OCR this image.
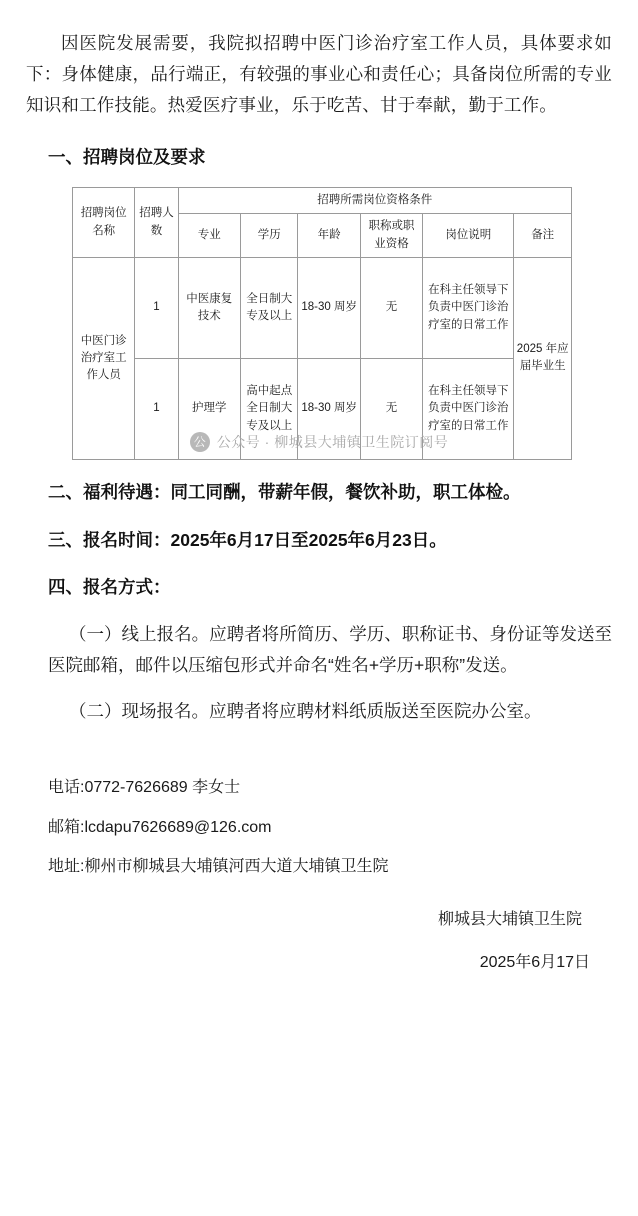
因医院发展需要，我院拟招聘中医门诊治疗室工作人员，具体要求如下：身体健康，品行端正，有较强的事业心和责任心；具备岗位所需的专业知识和工作技能。热爱医疗事业，乐于吃苦、甘于奉献，勤于工作。

一、招聘岗位及要求
招聘岗位名称	招聘人数	招聘所需岗位资格条件					
		专业	学历	年龄	职称或职业资格	岗位说明	备注
中医门诊治疗室工作人员	1	中医康复技术	全日制大专及以上	18-30 周岁	无	在科主任领导下负责中医门诊治疗室的日常工作	2025 年应届毕业生
	1	护理学	高中起点全日制大专及以上	18-30 周岁	无	在科主任领导下负责中医门诊治疗室的日常工作	
公 公众号 · 柳城县大埔镇卫生院订阅号
二、福利待遇：同工同酬，带薪年假，餐饮补助，职工体检。
三、报名时间：2025年6月17日至2025年6月23日。
四、报名方式：

（一）线上报名。应聘者将所简历、学历、职称证书、身份证等发送至医院邮箱，邮件以压缩包形式并命名“姓名+学历+职称”发送。

（二）现场报名。应聘者将应聘材料纸质版送至医院办公室。

电话:0772-7626689 李女士

邮箱:lcdapu7626689@126.com

地址:柳州市柳城县大埔镇河西大道大埔镇卫生院

柳城县大埔镇卫生院

2025年6月17日
